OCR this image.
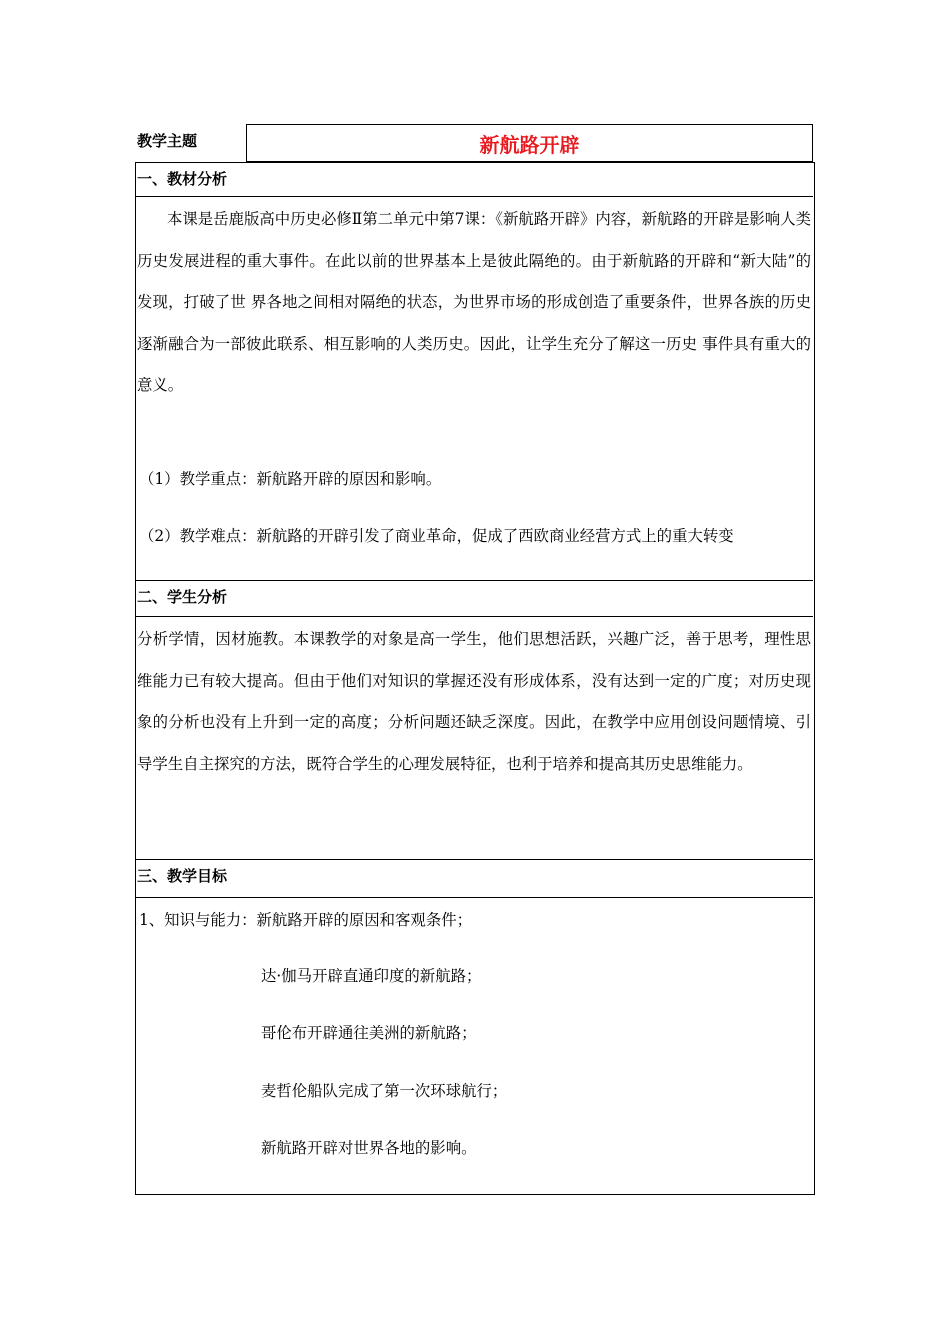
教学主题	新航路开辟
一、教材分析
本课是岳鹿版高中历史必修Ⅱ第二单元中第7课：《新航路开辟》内容，新航路的开辟是影响人类历史发展进程的重大事件。在此以前的世界基本上是彼此隔绝的。由于新航路的开辟和“新大陆”的发现，打破了世 界各地之间相对隔绝的状态，为世界市场的形成创造了重要条件，世界各族的历史逐渐融合为一部彼此联系、相互影响的人类历史。因此，让学生充分了解这一历史 事件具有重大的意义。
（1）教学重点：新航路开辟的原因和影响。
（2）教学难点：新航路的开辟引发了商业革命，促成了西欧商业经营方式上的重大转变
二、学生分析
分析学情，因材施教。本课教学的对象是高一学生，他们思想活跃，兴趣广泛，善于思考，理性思维能力已有较大提高。但由于他们对知识的掌握还没有形成体系，没有达到一定的广度；对历史现象的分析也没有上升到一定的高度；分析问题还缺乏深度。因此，在教学中应用创设问题情境、引导学生自主探究的方法，既符合学生的心理发展特征，也利于培养和提高其历史思维能力。
三、教学目标
1、知识与能力：新航路开辟的原因和客观条件；
达·伽马开辟直通印度的新航路；
哥伦布开辟通往美洲的新航路；
麦哲伦船队完成了第一次环球航行；
新航路开辟对世界各地的影响。
